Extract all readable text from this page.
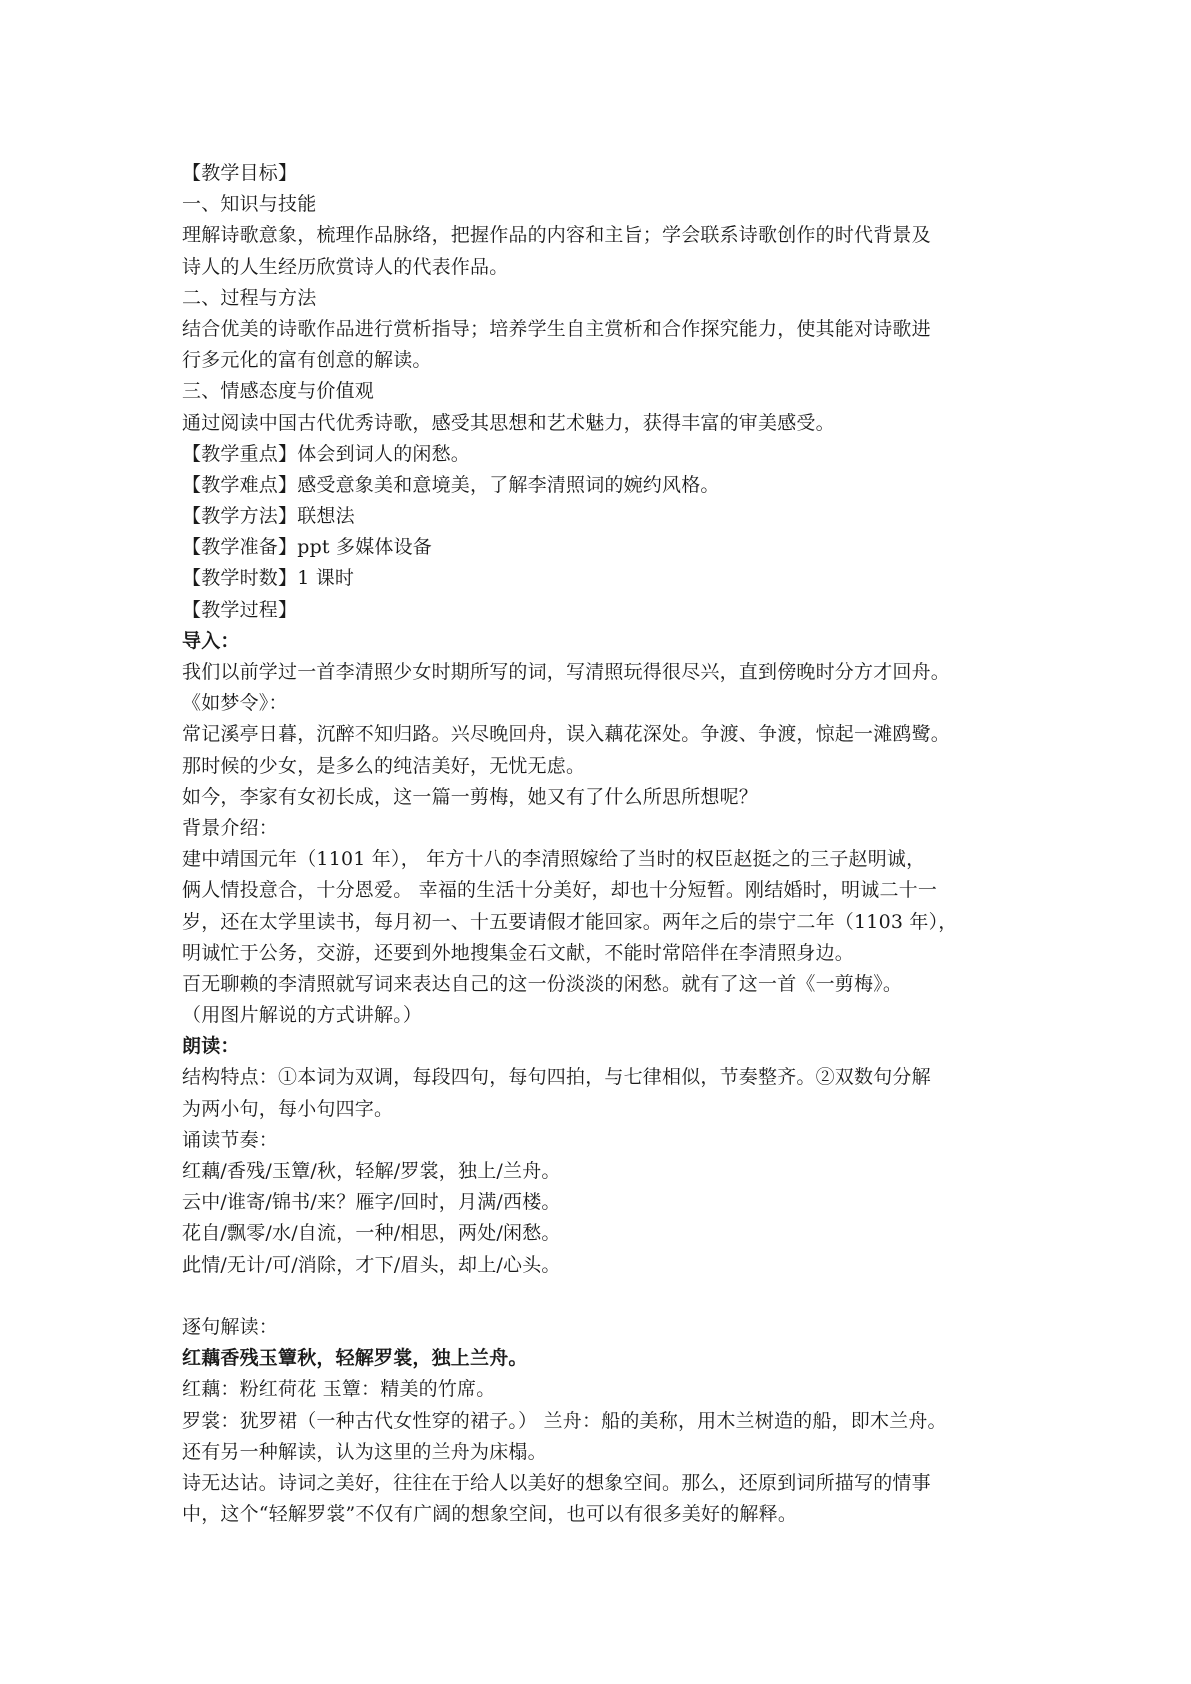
【教学目标】
一、知识与技能
理解诗歌意象，梳理作品脉络，把握作品的内容和主旨；学会联系诗歌创作的时代背景及
诗人的人生经历欣赏诗人的代表作品。
二、过程与方法
结合优美的诗歌作品进行赏析指导；培养学生自主赏析和合作探究能力，使其能对诗歌进
行多元化的富有创意的解读。
三、情感态度与价值观
通过阅读中国古代优秀诗歌，感受其思想和艺术魅力，获得丰富的审美感受。
【教学重点】体会到词人的闲愁。
【教学难点】感受意象美和意境美，了解李清照词的婉约风格。
【教学方法】联想法
【教学准备】ppt 多媒体设备
【教学时数】1 课时
【教学过程】
导入：
我们以前学过一首李清照少女时期所写的词，写清照玩得很尽兴，直到傍晚时分方才回舟。
《如梦令》：
常记溪亭日暮，沉醉不知归路。兴尽晚回舟，误入藕花深处。争渡、争渡，惊起一滩鸥鹭。
那时候的少女，是多么的纯洁美好，无忧无虑。
如今，李家有女初长成，这一篇一剪梅，她又有了什么所思所想呢？
背景介绍：
建中靖国元年（1101 年）， 年方十八的李清照嫁给了当时的权臣赵挺之的三子赵明诚，
俩人情投意合，十分恩爱。 幸福的生活十分美好，却也十分短暂。刚结婚时，明诚二十一
岁，还在太学里读书，每月初一、十五要请假才能回家。两年之后的崇宁二年（1103 年），
明诚忙于公务，交游，还要到外地搜集金石文献，不能时常陪伴在李清照身边。
百无聊赖的李清照就写词来表达自己的这一份淡淡的闲愁。就有了这一首《一剪梅》。
（用图片解说的方式讲解。）
朗读：
结构特点：①本词为双调，每段四句，每句四拍，与七律相似，节奏整齐。②双数句分解
为两小句，每小句四字。
诵读节奏：
红藕/香残/玉簟/秋，轻解/罗裳，独上/兰舟。
云中/谁寄/锦书/来？雁字/回时，月满/西楼。
花自/飘零/水/自流，一种/相思，两处/闲愁。
此情/无计/可/消除，才下/眉头，却上/心头。
逐句解读：
红藕香残玉簟秋，轻解罗裳，独上兰舟。
红藕：粉红荷花 玉簟：精美的竹席。
罗裳：犹罗裙（一种古代女性穿的裙子。） 兰舟：船的美称，用木兰树造的船，即木兰舟。
还有另一种解读，认为这里的兰舟为床榻。
诗无达诂。诗词之美好，往往在于给人以美好的想象空间。那么，还原到词所描写的情事
中，这个“轻解罗裳”不仅有广阔的想象空间，也可以有很多美好的解释。
